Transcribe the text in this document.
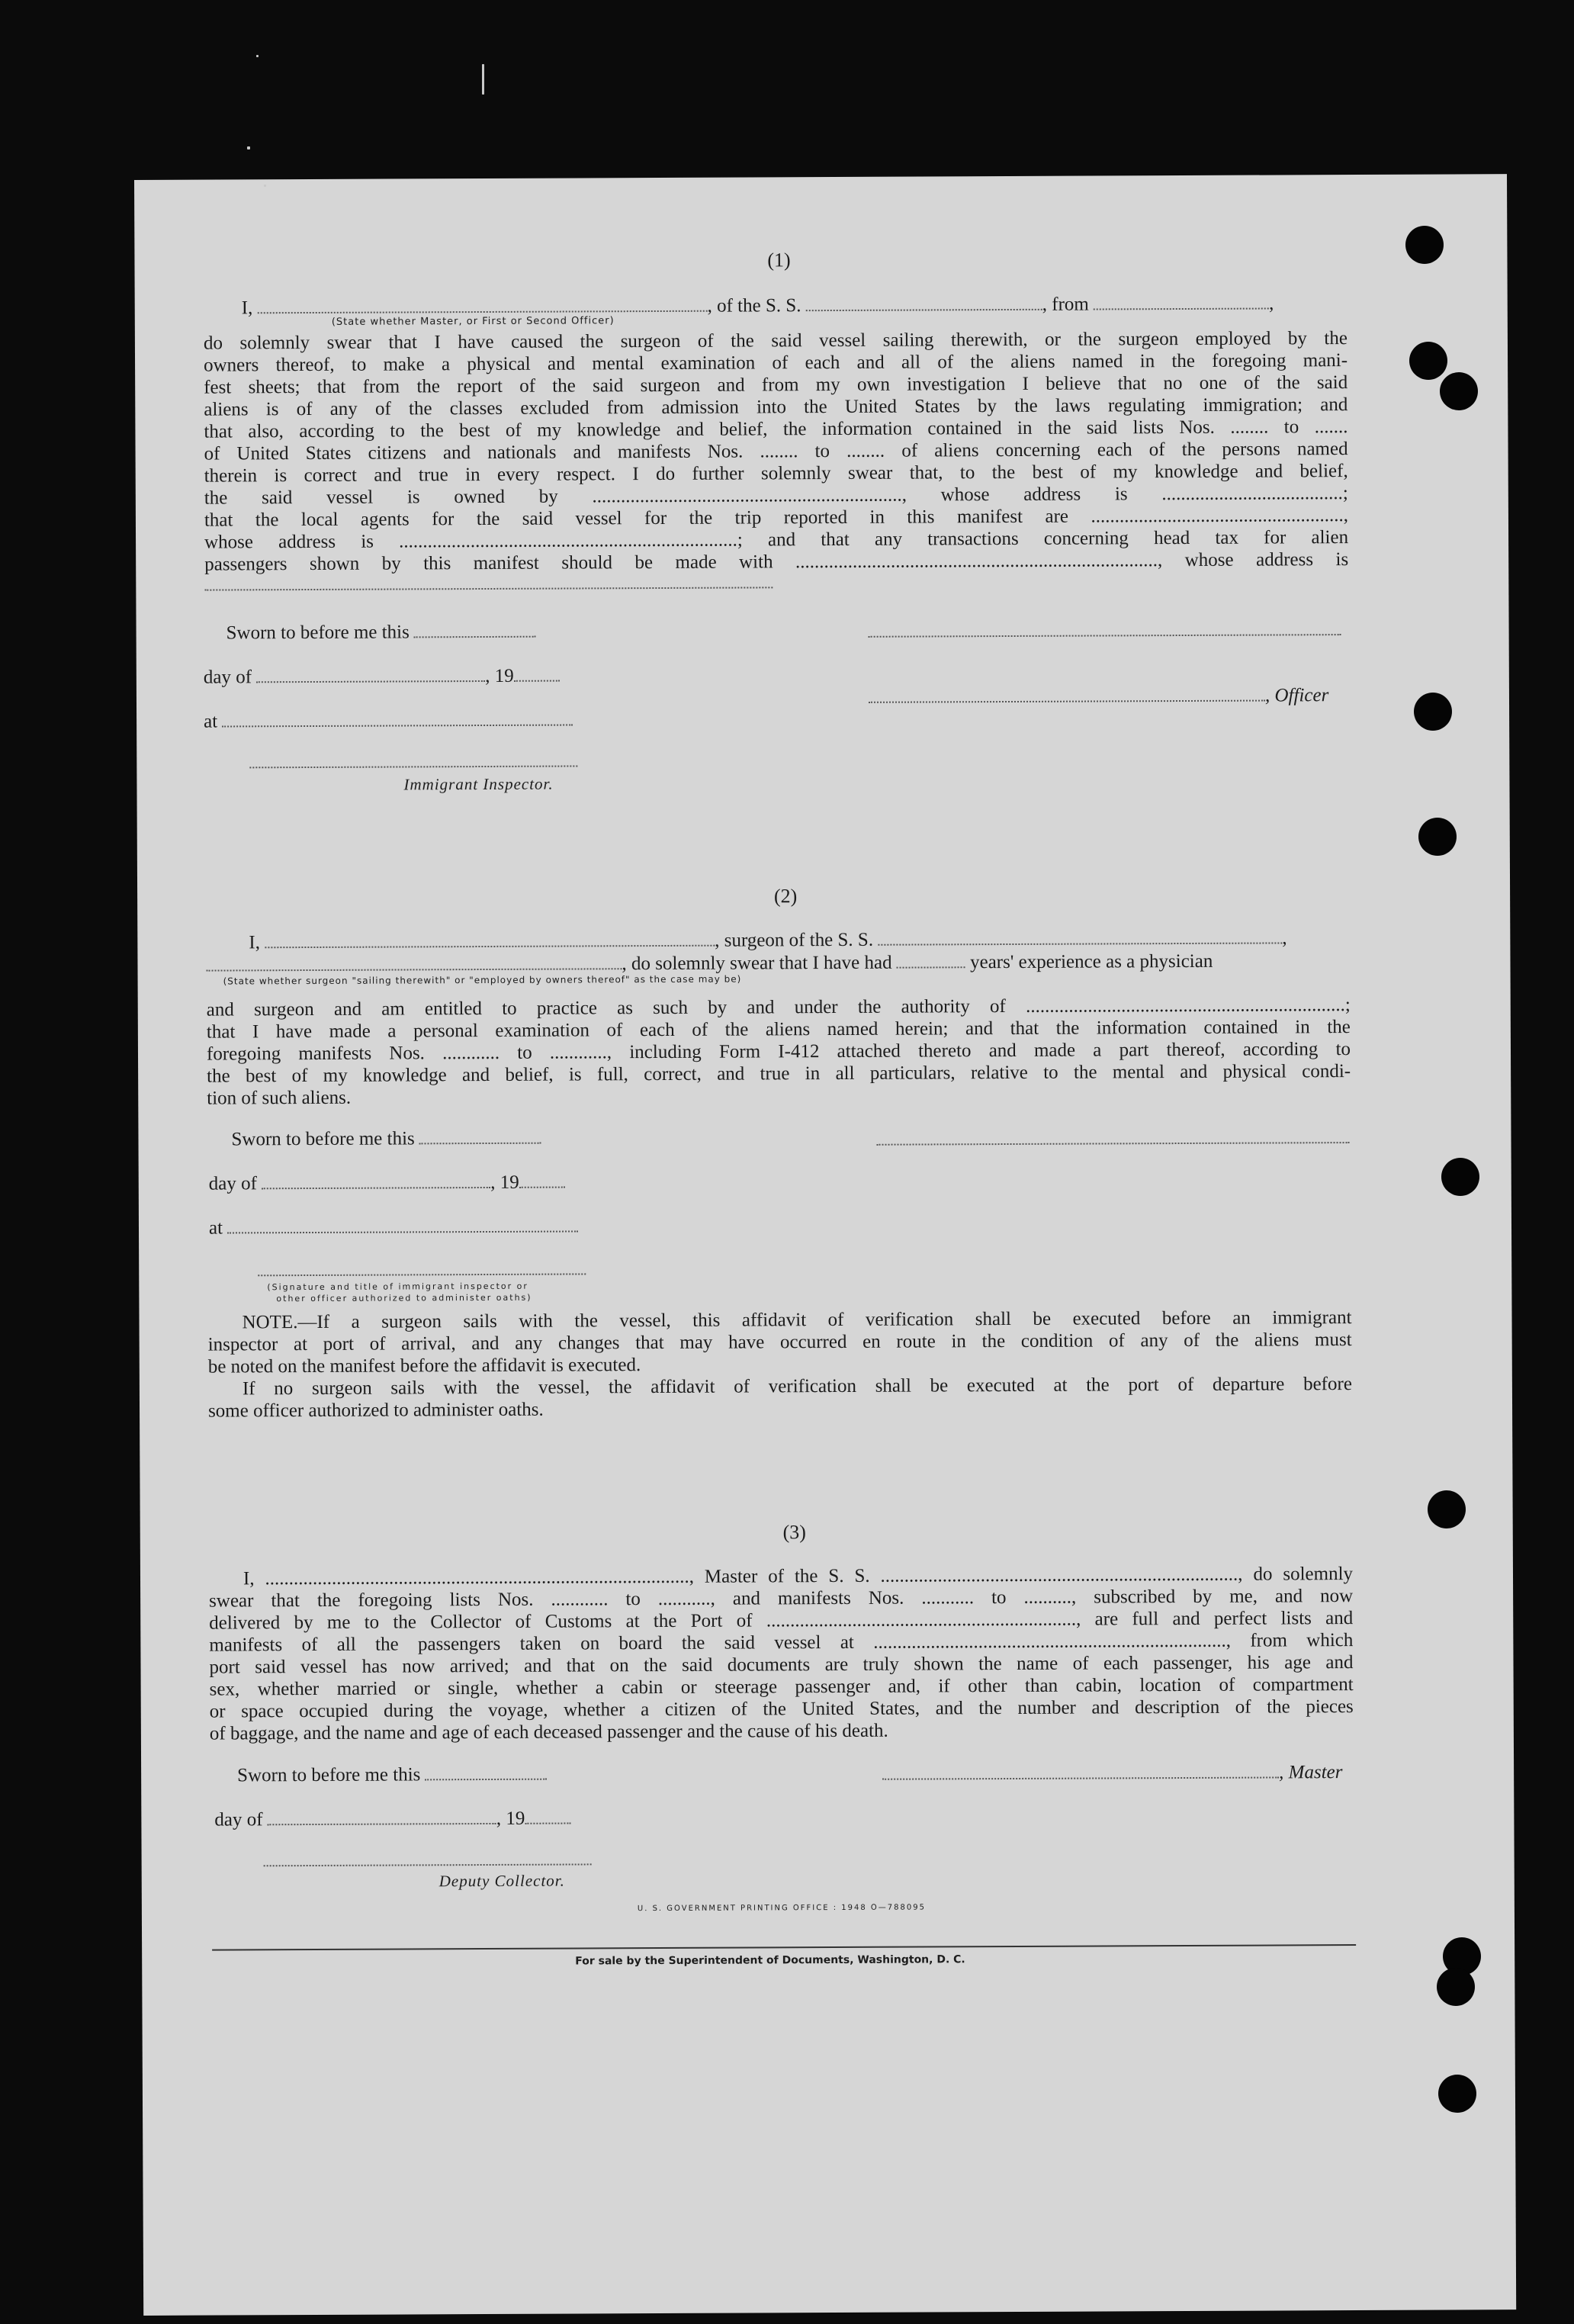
(1)
I,	, of the S. S.	, from	,
(State whether Master, or First or Second Officer)
do solemnly swear that I have caused the surgeon of the said vessel sailing therewith, or the surgeon employed by the
owners thereof, to make a physical and mental examination of each and all of the aliens named in the foregoing mani-
fest sheets; that from the report of the said surgeon and from my own investigation I believe that no one of the said
aliens is of any of the classes excluded from admission into the United States by the laws regulating immigration; and
that also, according to the best of my knowledge and belief, the information contained in the said lists Nos. ........ to .......
of United States citizens and nationals and manifests Nos. ........ to ........ of aliens concerning each of the persons named
therein is correct and true in every respect. I do further solemnly swear that, to the best of my knowledge and belief,
the said vessel is owned by ................................................................., whose address is ......................................;
that the local agents for the said vessel for the trip reported in this manifest are .....................................................,
whose address is .......................................................................; and that any transactions concerning head tax for alien
passengers shown by this manifest should be made with ............................................................................, whose address is
Sworn to before me this
day of	, 19
, Officer
at
Immigrant Inspector.
(2)
I,	, surgeon of the S. S.	,
, do solemnly swear that I have had	years' experience as a physician
(State whether surgeon "sailing therewith" or "employed by owners thereof" as the case may be)
and surgeon and am entitled to practice as such by and under the authority of ...................................................................;
that I have made a personal examination of each of the aliens named herein; and that the information contained in the
foregoing manifests Nos. ............ to ............, including Form I-412 attached thereto and made a part thereof, according to
the best of my knowledge and belief, is full, correct, and true in all particulars, relative to the mental and physical condi-
tion of such aliens.
Sworn to before me this
day of	, 19
at
(Signature and title of immigrant inspector or
other officer authorized to administer oaths)
NOTE.—If a surgeon sails with the vessel, this affidavit of verification shall be executed before an immigrant
inspector at port of arrival, and any changes that may have occurred en route in the condition of any of the aliens must
be noted on the manifest before the affidavit is executed.
If no surgeon sails with the vessel, the affidavit of verification shall be executed at the port of departure before
some officer authorized to administer oaths.
(3)
I, ........................................................................................., Master of the S. S. ..........................................................................., do solemnly
swear that the foregoing lists Nos. ............ to ..........., and manifests Nos. ........... to .........., subscribed by me, and now
delivered by me to the Collector of Customs at the Port of ................................................................., are full and perfect lists and
manifests of all the passengers taken on board the said vessel at .........................................................................., from which
port said vessel has now arrived; and that on the said documents are truly shown the name of each passenger, his age and
sex, whether married or single, whether a cabin or steerage passenger and, if other than cabin, location of compartment
or space occupied during the voyage, whether a citizen of the United States, and the number and description of the pieces
of baggage, and the name and age of each deceased passenger and the cause of his death.
Sworn to before me this	, Master
day of	, 19
Deputy Collector.
U. S. GOVERNMENT PRINTING OFFICE : 1948 O—788095
For sale by the Superintendent of Documents, Washington, D. C.
